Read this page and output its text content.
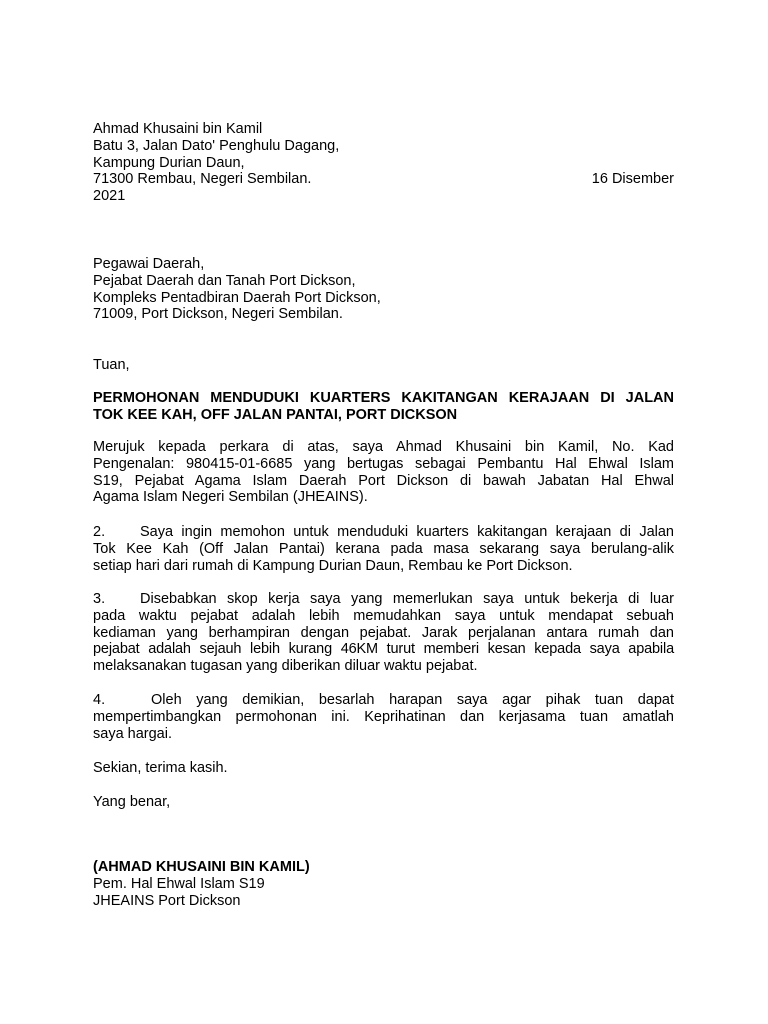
Ahmad Khusaini bin Kamil
Batu 3, Jalan Dato' Penghulu Dagang,
Kampung Durian Daun,
71300 Rembau, Negeri Sembilan.	16 Disember
2021
Pegawai Daerah,
Pejabat Daerah dan Tanah Port Dickson,
Kompleks Pentadbiran Daerah Port Dickson,
71009, Port Dickson, Negeri Sembilan.
Tuan,
PERMOHONAN MENDUDUKI KUARTERS KAKITANGAN KERAJAAN DI JALAN
TOK KEE KAH, OFF JALAN PANTAI, PORT DICKSON
Merujuk kepada perkara di atas, saya Ahmad Khusaini bin Kamil, No. Kad
Pengenalan: 980415-01-6685 yang bertugas sebagai Pembantu Hal Ehwal Islam
S19, Pejabat Agama Islam Daerah Port Dickson di bawah Jabatan Hal Ehwal
Agama Islam Negeri Sembilan (JHEAINS).
2.	Saya ingin memohon untuk menduduki kuarters kakitangan kerajaan di Jalan
Tok Kee Kah (Off Jalan Pantai) kerana pada masa sekarang saya berulang-alik
setiap hari dari rumah di Kampung Durian Daun, Rembau ke Port Dickson.
3.	Disebabkan skop kerja saya yang memerlukan saya untuk bekerja di luar
pada waktu pejabat adalah lebih memudahkan saya untuk mendapat sebuah
kediaman yang berhampiran dengan pejabat. Jarak perjalanan antara rumah dan
pejabat adalah sejauh lebih kurang 46KM turut memberi kesan kepada saya apabila
melaksanakan tugasan yang diberikan diluar waktu pejabat.
4.	Oleh yang demikian, besarlah harapan saya agar pihak tuan dapat
mempertimbangkan permohonan ini. Keprihatinan dan kerjasama tuan amatlah
saya hargai.
Sekian, terima kasih.
Yang benar,
(AHMAD KHUSAINI BIN KAMIL)
Pem. Hal Ehwal Islam S19
JHEAINS Port Dickson
